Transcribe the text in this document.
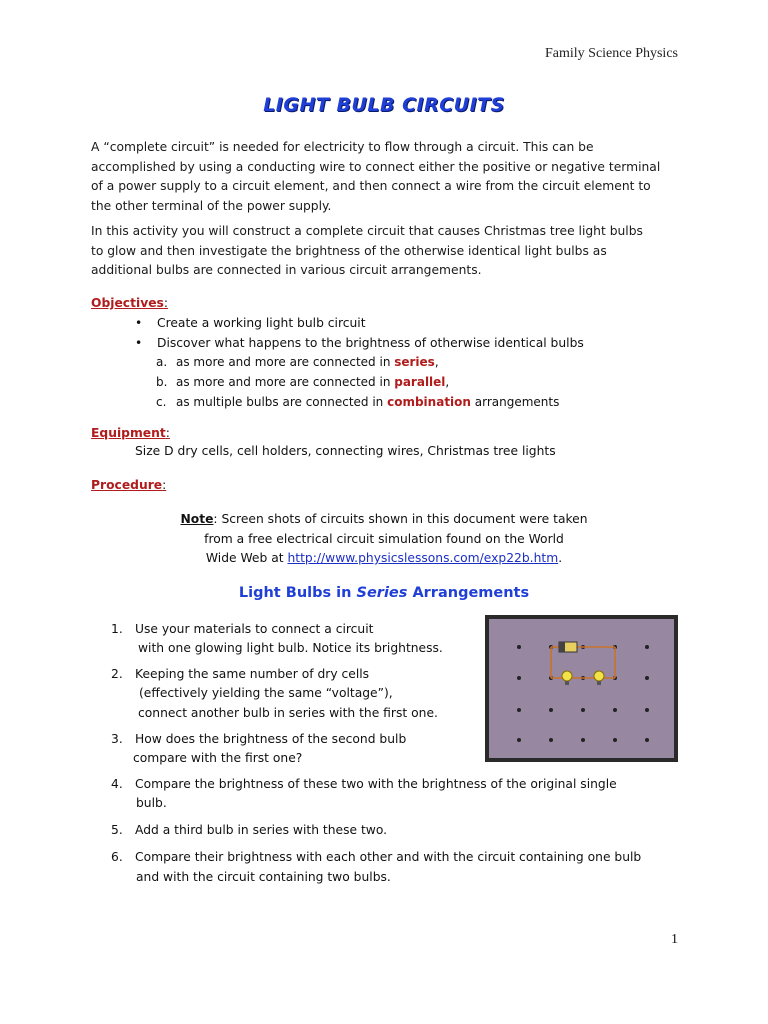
Family Science Physics
LIGHT BULB CIRCUITS
A “complete circuit” is needed for electricity to flow through a circuit. This can be
accomplished by using a conducting wire to connect either the positive or negative terminal
of a power supply to a circuit element, and then connect a wire from the circuit element to
the other terminal of the power supply.
In this activity you will construct a complete circuit that causes Christmas tree light bulbs
to glow and then investigate the brightness of the otherwise identical light bulbs as
additional bulbs are connected in various circuit arrangements.
Objectives:
•	Create a working light bulb circuit
•	Discover what happens to the brightness of otherwise identical bulbs
a. as more and more are connected in series,
b. as more and more are connected in parallel,
c. as multiple bulbs are connected in combination arrangements
Equipment:
Size D dry cells, cell holders, connecting wires, Christmas tree lights
Procedure:
Note: Screen shots of circuits shown in this document were taken
from a free electrical circuit simulation found on the World
Wide Web at http://www.physicslessons.com/exp22b.htm.
Light Bulbs in Series Arrangements
1. Use your materials to connect a circuit
with one glowing light bulb. Notice its brightness.
2. Keeping the same number of dry cells
(effectively yielding the same “voltage”),
connect another bulb in series with the first one.
3. How does the brightness of the second bulb
compare with the first one?
4. Compare the brightness of these two with the brightness of the original single
bulb.
5. Add a third bulb in series with these two.
6. Compare their brightness with each other and with the circuit containing one bulb
and with the circuit containing two bulbs.
1
